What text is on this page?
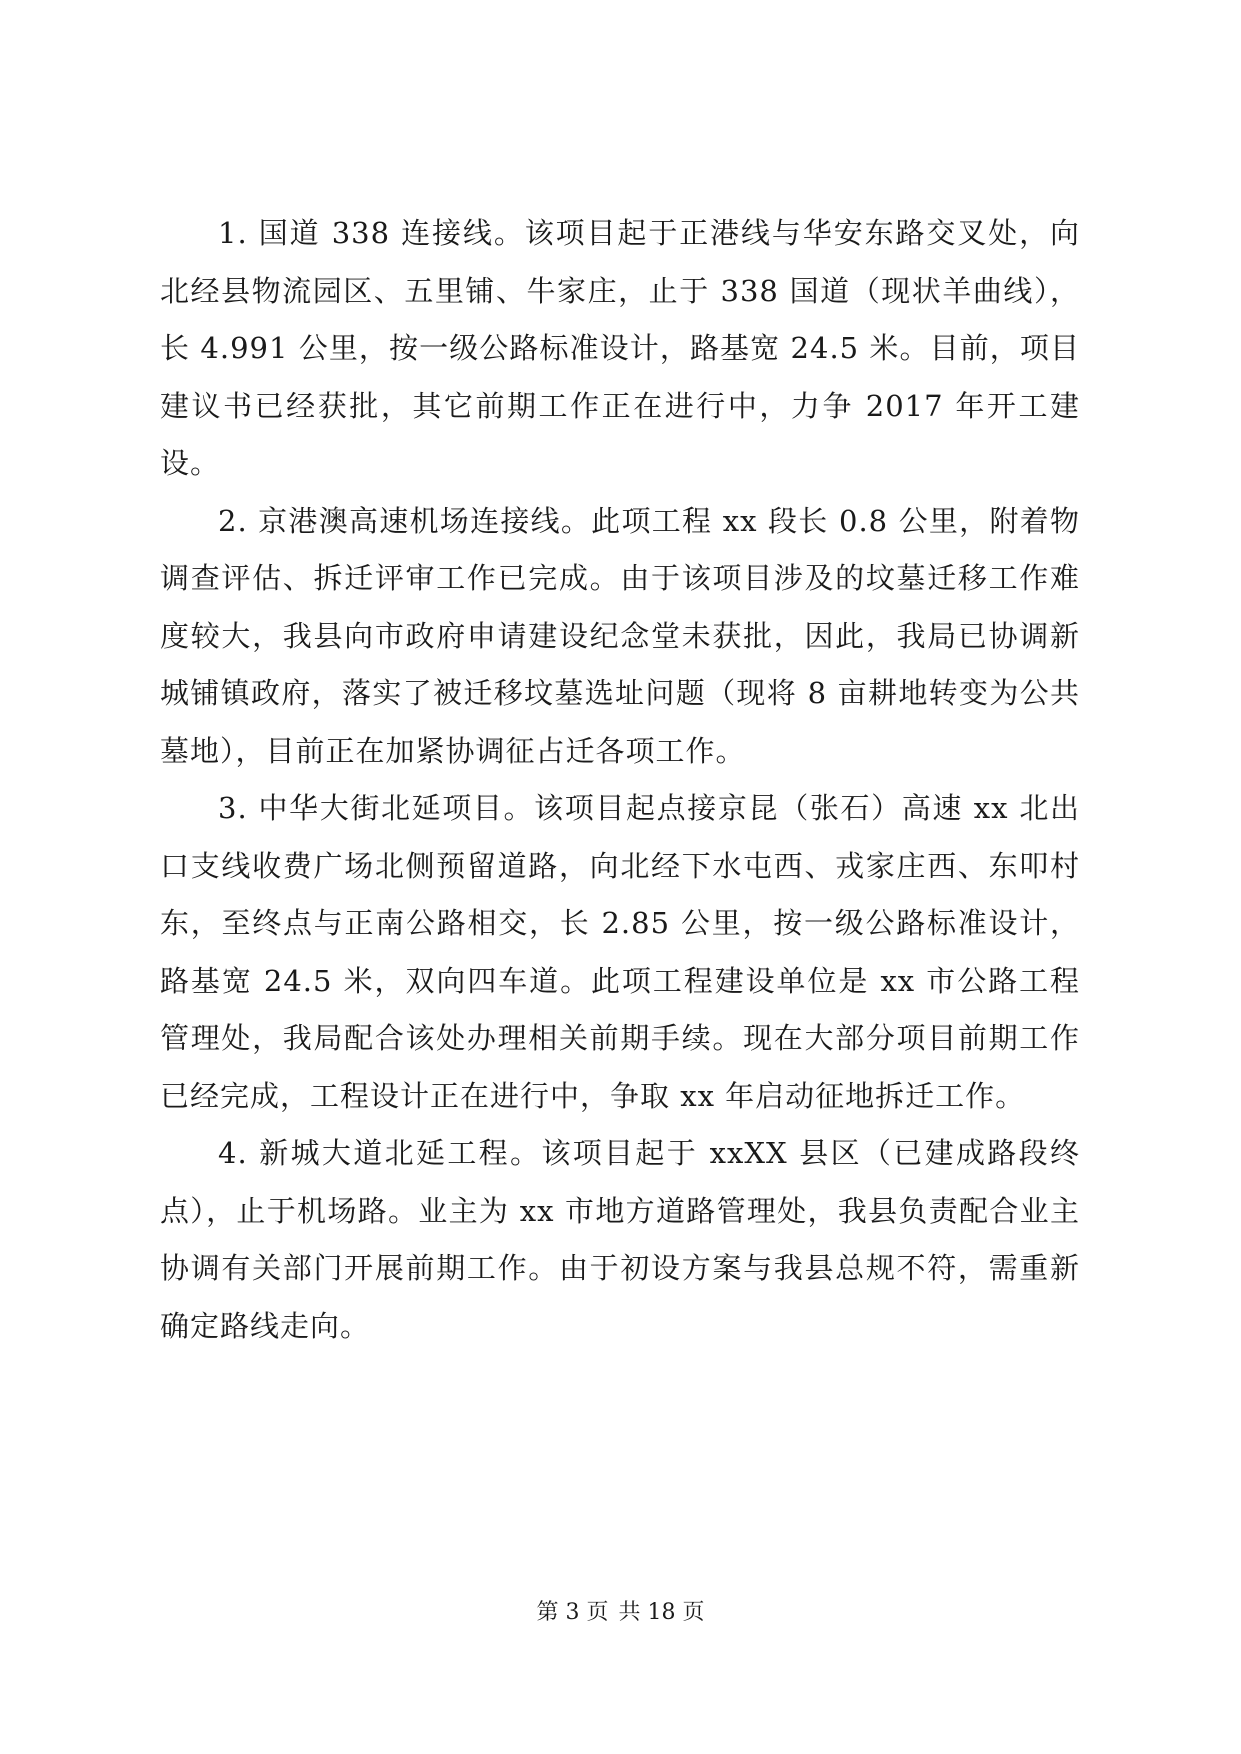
1. 国道 338 连接线。该项目起于正港线与华安东路交叉处，向北经县物流园区、五里铺、牛家庄，止于 338 国道（现状羊曲线），长 4.991 公里，按一级公路标准设计，路基宽 24.5 米。目前，项目建议书已经获批，其它前期工作正在进行中，力争 2017 年开工建设。

2. 京港澳高速机场连接线。此项工程 xx 段长 0.8 公里，附着物调查评估、拆迁评审工作已完成。由于该项目涉及的坟墓迁移工作难度较大，我县向市政府申请建设纪念堂未获批，因此，我局已协调新城铺镇政府，落实了被迁移坟墓选址问题（现将 8 亩耕地转变为公共墓地），目前正在加紧协调征占迁各项工作。

3. 中华大街北延项目。该项目起点接京昆（张石）高速 xx 北出口支线收费广场北侧预留道路，向北经下水屯西、戎家庄西、东叩村东，至终点与正南公路相交，长 2.85 公里，按一级公路标准设计，路基宽 24.5 米，双向四车道。此项工程建设单位是 xx 市公路工程管理处，我局配合该处办理相关前期手续。现在大部分项目前期工作已经完成，工程设计正在进行中，争取 xx 年启动征地拆迁工作。

4. 新城大道北延工程。该项目起于 xxXX 县区（已建成路段终点），止于机场路。业主为 xx 市地方道路管理处，我县负责配合业主协调有关部门开展前期工作。由于初设方案与我县总规不符，需重新确定路线走向。

第 3 页 共 18 页
